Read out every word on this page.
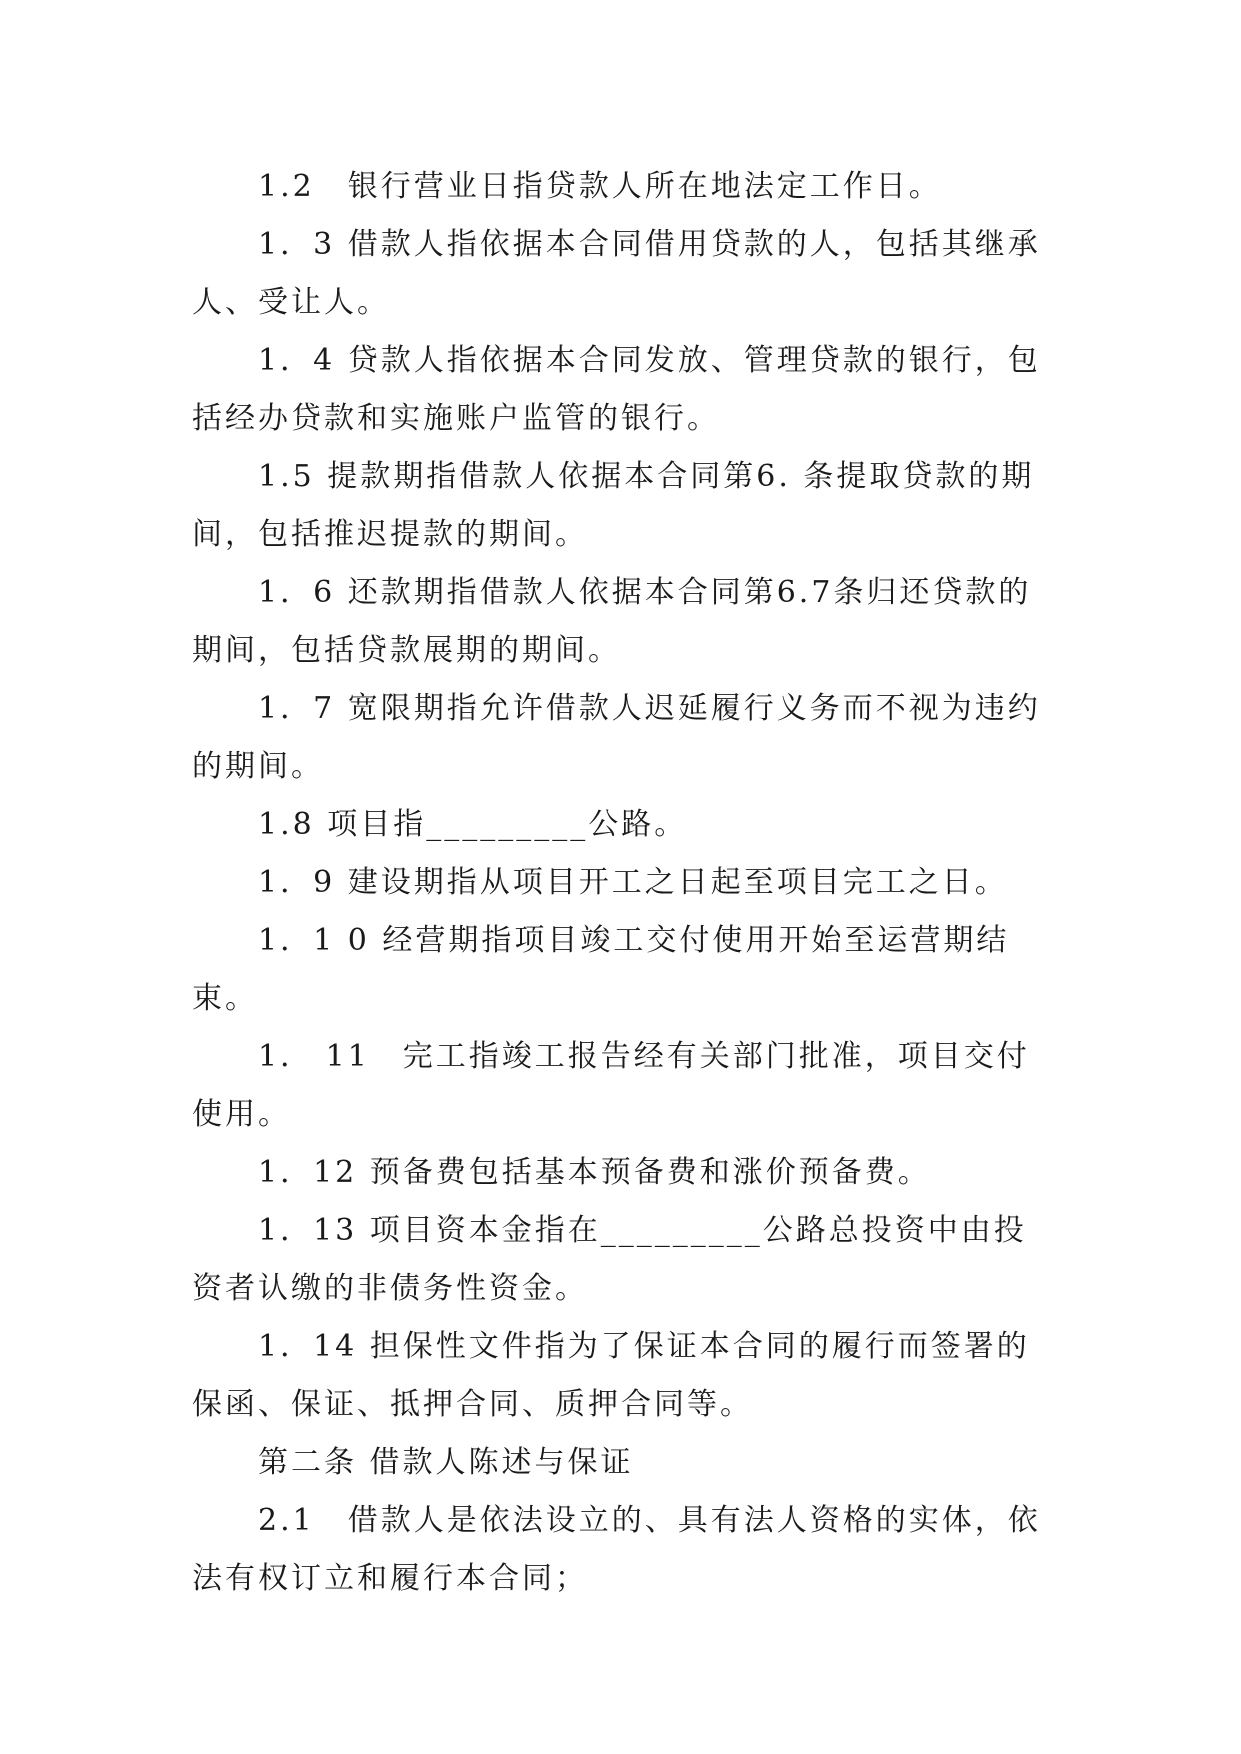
1.2　银行营业日指贷款人所在地法定工作日。

1．3 借款人指依据本合同借用贷款的人，包括其继承人、受让人。

1．4 贷款人指依据本合同发放、管理贷款的银行，包括经办贷款和实施账户监管的银行。

1.5 提款期指借款人依据本合同第6. 条提取贷款的期间，包括推迟提款的期间。

1．6 还款期指借款人依据本合同第6.7条归还贷款的期间，包括贷款展期的期间。

1．7 宽限期指允许借款人迟延履行义务而不视为违约的期间。

1.8 项目指_________公路。

1．9 建设期指从项目开工之日起至项目完工之日。

1．1 0 经营期指项目竣工交付使用开始至运营期结束。

1． 11　完工指竣工报告经有关部门批准，项目交付使用。

1．12 预备费包括基本预备费和涨价预备费。

1．13 项目资本金指在_________公路总投资中由投资者认缴的非债务性资金。

1．14 担保性文件指为了保证本合同的履行而签署的保函、保证、抵押合同、质押合同等。

第二条 借款人陈述与保证

2.1　借款人是依法设立的、具有法人资格的实体，依法有权订立和履行本合同；
